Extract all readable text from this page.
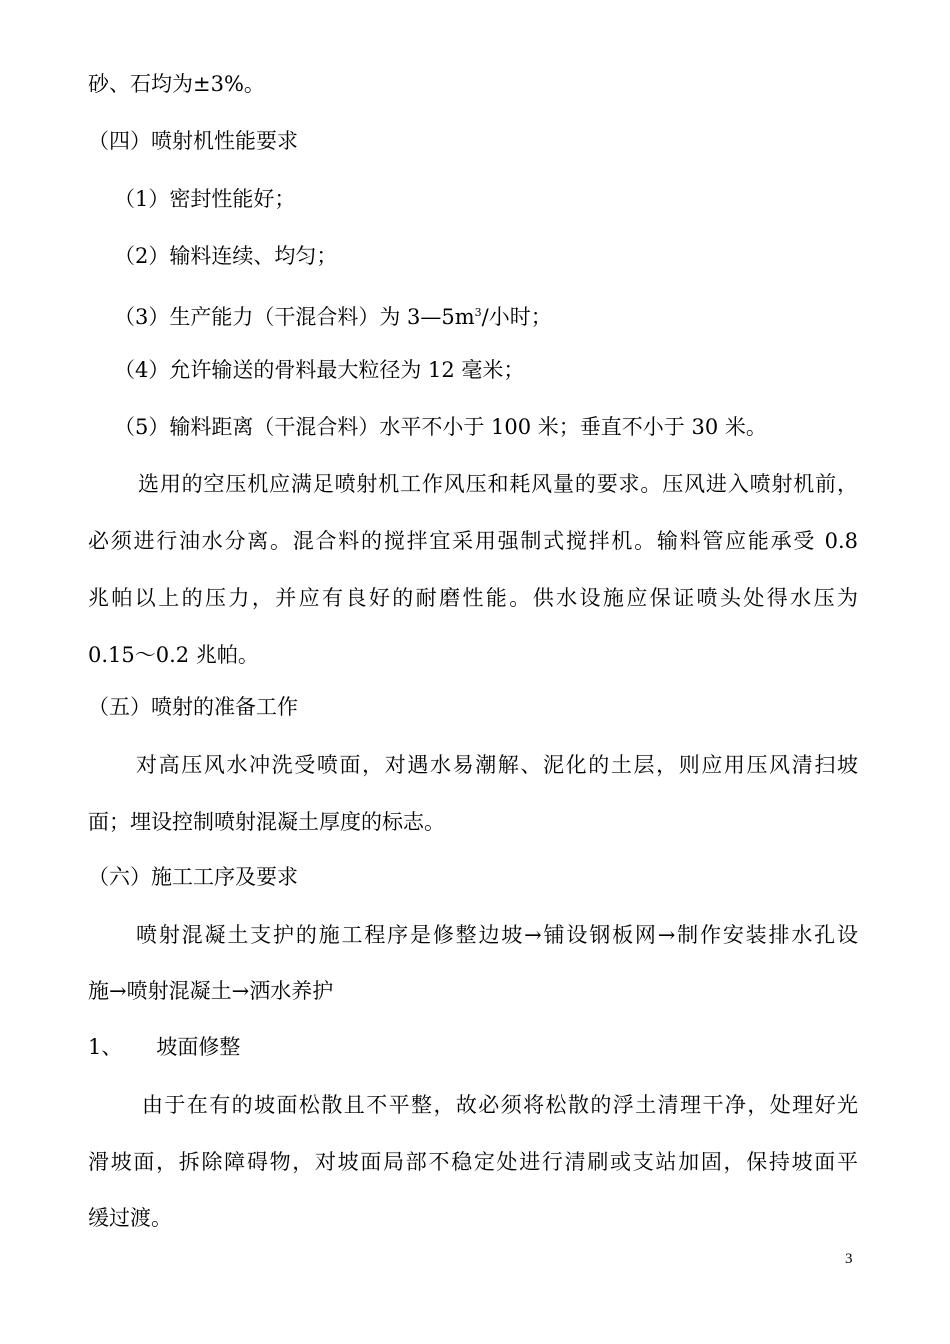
砂、石均为±3%。
（四）喷射机性能要求
（1）密封性能好；
（2）输料连续、均匀；
（3）生产能力（干混合料）为 $3—5m^3/$小时；
（4）允许输送的骨料最大粒径为 12 毫米；
（5）输料距离（干混合料）水平不小于 100 米；垂直不小于 30 米。
选用的空压机应满足喷射机工作风压和耗风量的要求。压风进入喷射机前，
必须进行油水分离。混合料的搅拌宜采用强制式搅拌机。输料管应能承受 0.8
兆帕以上的压力，并应有良好的耐磨性能。供水设施应保证喷头处得水压为
0.15～0.2 兆帕。
（五）喷射的准备工作
对高压风水冲洗受喷面，对遇水易潮解、泥化的土层，则应用压风清扫坡
面；埋设控制喷射混凝土厚度的标志。
（六）施工工序及要求
喷射混凝土支护的施工程序是修整边坡→铺设钢板网→制作安装排水孔设
施→喷射混凝土→洒水养护
1、 坡面修整
由于在有的坡面松散且不平整，故必须将松散的浮土清理干净，处理好光
滑坡面，拆除障碍物，对坡面局部不稳定处进行清刷或支站加固，保持坡面平
缓过渡。
3
